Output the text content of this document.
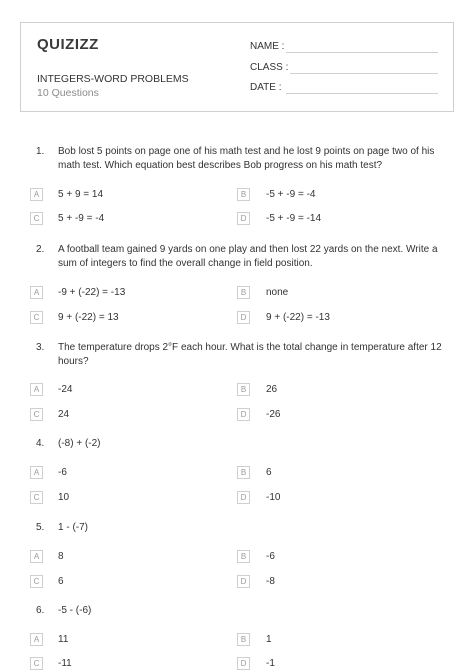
QUIZIZZ
INTEGERS-WORD PROBLEMS
10 Questions
NAME :
CLASS :
DATE :
1. Bob lost 5 points on page one of his math test and he lost 9 points on page two of his
math test. Which equation best describes Bob progress on his math test?
A	5 + 9 = 14	B	-5 + -9 = -4
C	5 + -9 = -4	D	-5 + -9 = -14
2. A football team gained 9 yards on one play and then lost 22 yards on the next. Write a
sum of integers to find the overall change in field position.
A	-9 + (-22) = -13	B	none
C	9 + (-22) = 13	D	9 + (-22) = -13
3. The temperature drops 2°F each hour. What is the total change in temperature after 12
hours?
A	-24	B	26
C	24	D	-26
4. (-8) + (-2)
A	-6	B	6
C	10	D	-10
5. 1 - (-7)
A	8	B	-6
C	6	D	-8
6. -5 - (-6)
A	11	B	1
C	-11	D	-1
